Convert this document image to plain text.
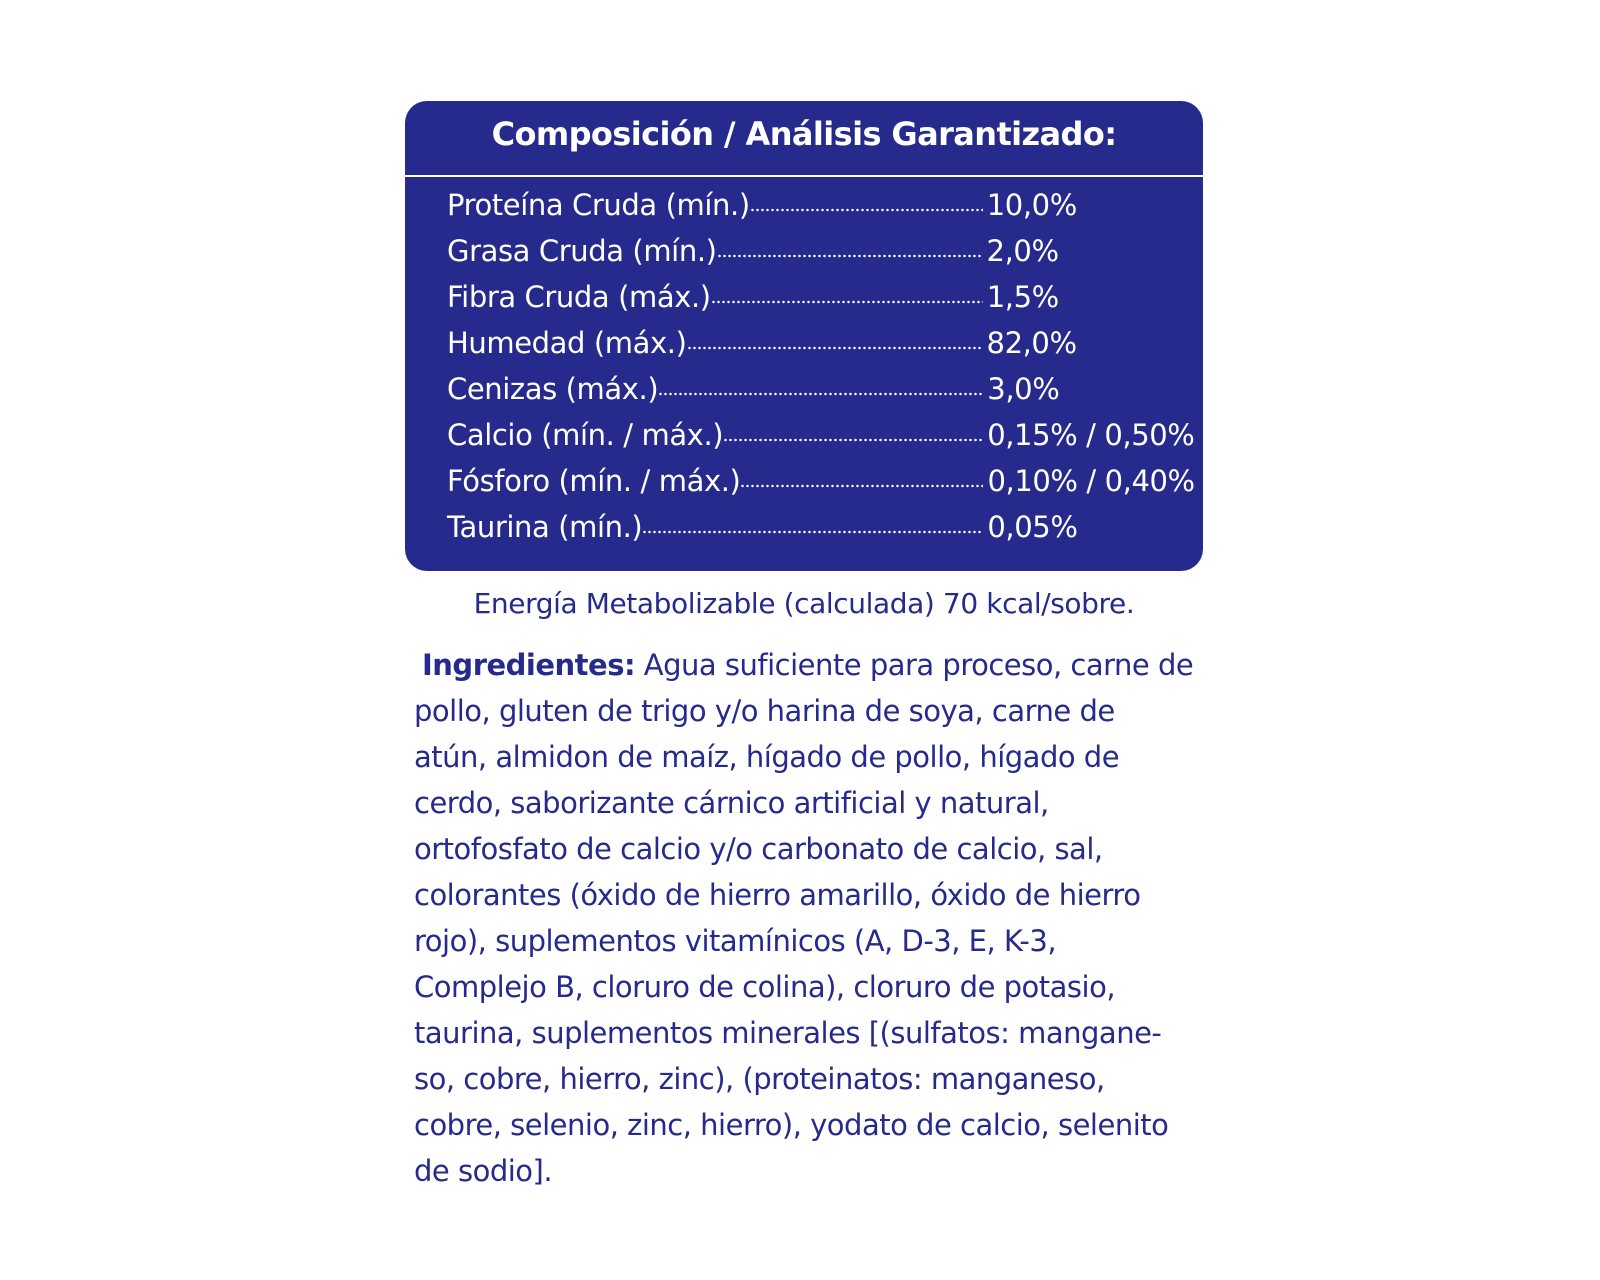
Composición / Análisis Garantizado:
Proteína Cruda (mín.)	10,0%
Grasa Cruda (mín.)	2,0%
Fibra Cruda (máx.)	1,5%
Humedad (máx.)	82,0%
Cenizas (máx.)	3,0%
Calcio (mín. / máx.)	0,15% / 0,50%
Fósforo (mín. / máx.)	0,10% / 0,40%
Taurina (mín.)	0,05%
Energía Metabolizable (calculada) 70 kcal/sobre.
Ingredientes: Agua suficiente para proceso, carne de
pollo, gluten de trigo y/o harina de soya, carne de
atún, almidon de maíz, hígado de pollo, hígado de
cerdo, saborizante cárnico artificial y natural,
ortofosfato de calcio y/o carbonato de calcio, sal,
colorantes (óxido de hierro amarillo, óxido de hierro
rojo), suplementos vitamínicos (A, D-3, E, K-3,
Complejo B, cloruro de colina), cloruro de potasio,
taurina, suplementos minerales [(sulfatos: mangane-
so, cobre, hierro, zinc), (proteinatos: manganeso,
cobre, selenio, zinc, hierro), yodato de calcio, selenito
de sodio].
